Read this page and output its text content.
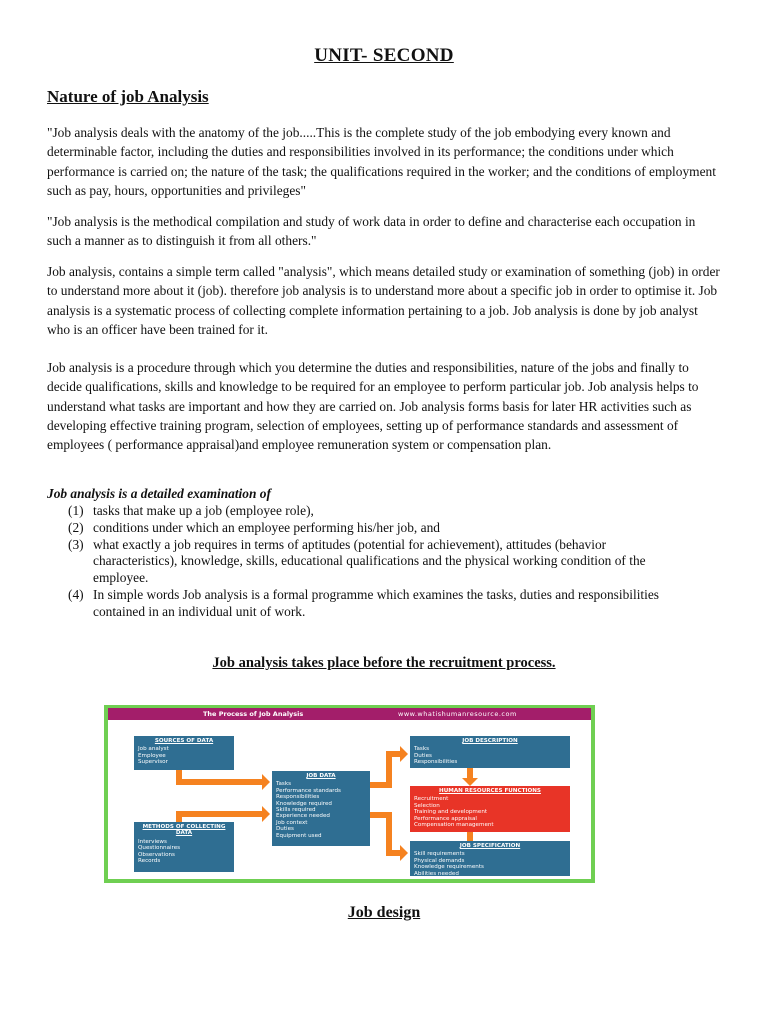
UNIT- SECOND
Nature of job Analysis

"Job analysis deals with the anatomy of the job.....This is the complete study of the job embodying every known and determinable factor, including the duties and responsibilities involved in its performance; the conditions under which performance is carried on; the nature of the task; the qualifications required in the worker; and the conditions of employment such as pay, hours, opportunities and privileges"

"Job analysis is the methodical compilation and study of work data in order to define and characterise each occupation in such a manner as to distinguish it from all others."

Job analysis, contains a simple term called "analysis", which means detailed study or examination of something (job) in order to understand more about it (job). therefore job analysis is to understand more about a specific job in order to optimise it. Job analysis is a systematic process of collecting complete information pertaining to a job. Job analysis is done by job analyst who is an officer have been trained for it.

Job analysis is a procedure through which you determine the duties and responsibilities, nature of the jobs and finally to decide qualifications, skills and knowledge to be required for an employee to perform particular job. Job analysis helps to understand what tasks are important and how they are carried on. Job analysis forms basis for later HR activities such as developing effective training program, selection of employees, setting up of performance standards and assessment of employees ( performance appraisal)and employee remuneration system or compensation plan.

Job analysis is a detailed examination of
(1) tasks that make up a job (employee role),
(2) conditions under which an employee performing his/her job, and
(3) what exactly a job requires in terms of aptitudes (potential for achievement), attitudes (behavior characteristics), knowledge, skills, educational qualifications and the physical working condition of the employee.
(4) In simple words Job analysis is a formal programme which examines the tasks, duties and responsibilities contained in an individual unit of work.
Job analysis takes place before the recruitment process.
The Process of Job Analysis	www.whatishumanresource.com
SOURCES OF DATA
Job analyst
Employee
Supervisor
METHODS OF COLLECTING DATA
Interviews
Questionnaires
Observations
Records
JOB DATA
Tasks
Performance standards
Responsibilities
Knowledge required
Skills required
Experience needed
Job context
Duties
Equipment used
JOB DESCRIPTION
Tasks
Duties
Responsibilities
HUMAN RESOURCES FUNCTIONS
Recruitment
Selection
Training and development
Performance appraisal
Compensation management
JOB SPECIFICATION
Skill requirements
Physical demands
Knowledge requirements
Abilities needed
Job design
